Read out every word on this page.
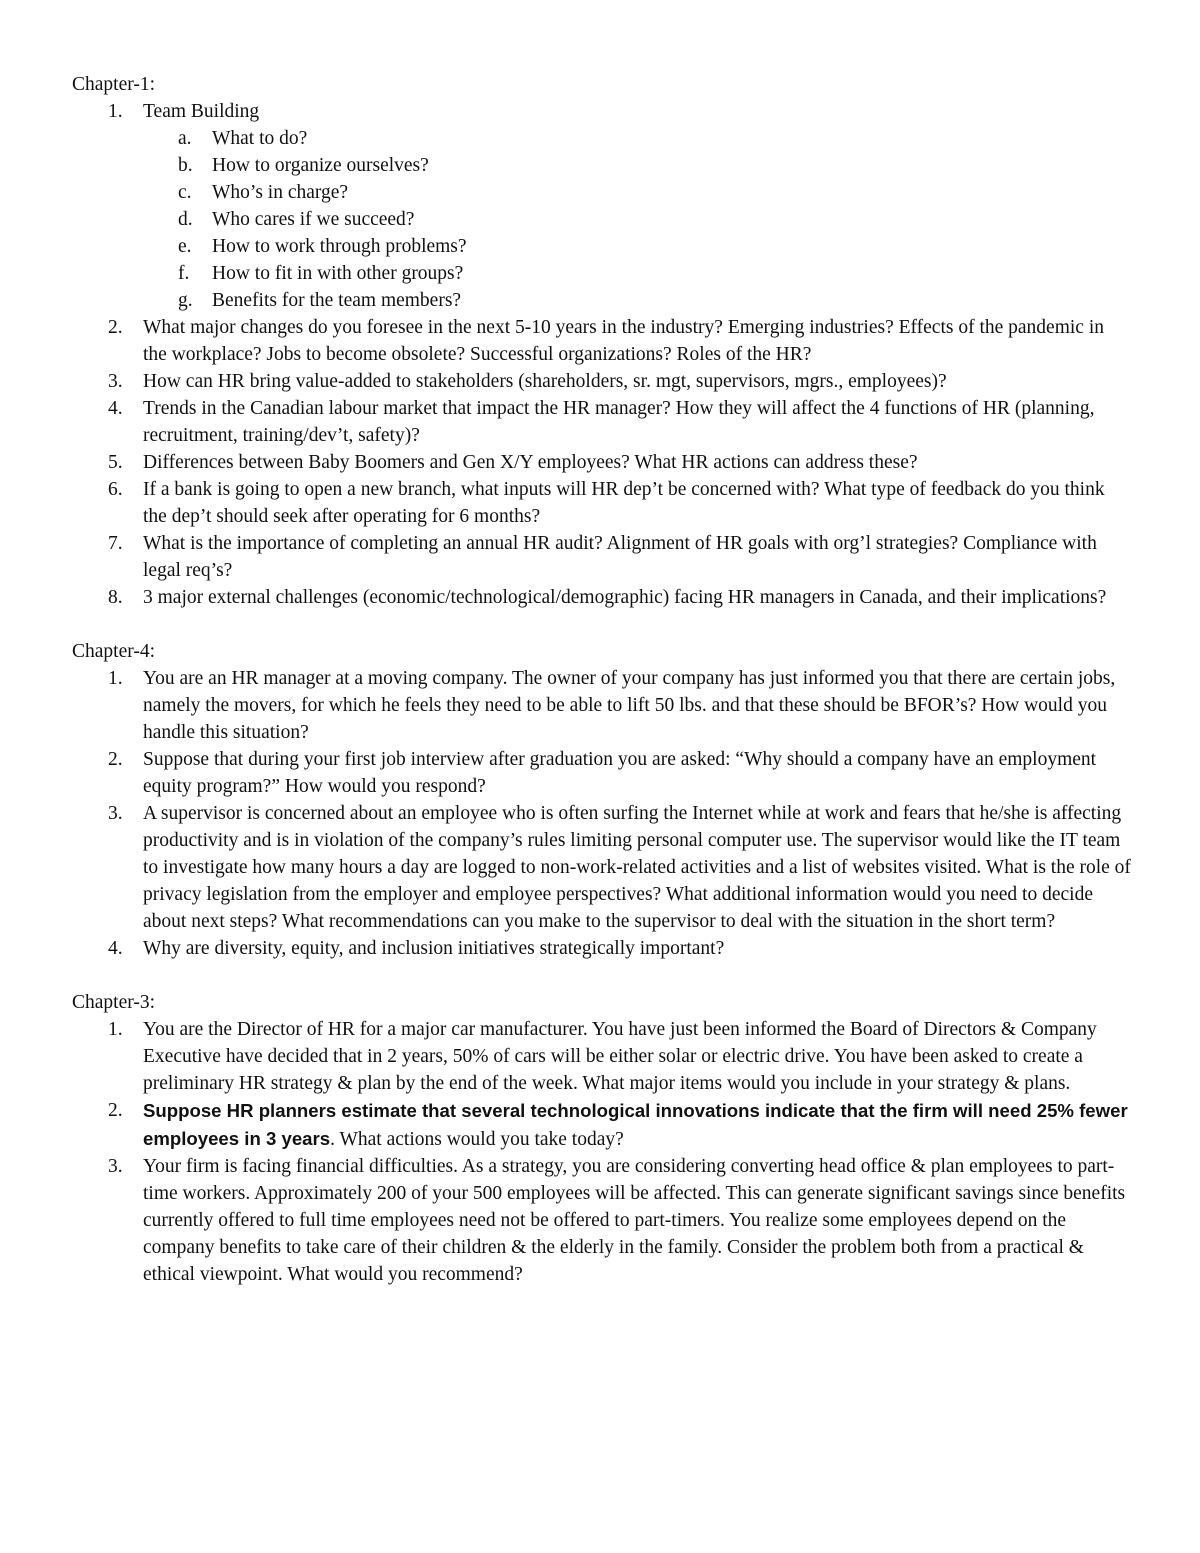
Chapter-1:

1. Team Building
a. What to do?
b. How to organize ourselves?
c. Who’s in charge?
d. Who cares if we succeed?
e. How to work through problems?
f. How to fit in with other groups?
g. Benefits for the team members?
2. What major changes do you foresee in the next 5-10 years in the industry? Emerging industries? Effects of the pandemic in the workplace? Jobs to become obsolete? Successful organizations? Roles of the HR?
3. How can HR bring value-added to stakeholders (shareholders, sr. mgt, supervisors, mgrs., employees)?
4. Trends in the Canadian labour market that impact the HR manager? How they will affect the 4 functions of HR (planning, recruitment, training/dev’t, safety)?
5. Differences between Baby Boomers and Gen X/Y employees? What HR actions can address these?
6. If a bank is going to open a new branch, what inputs will HR dep’t be concerned with? What type of feedback do you think the dep’t should seek after operating for 6 months?
7. What is the importance of completing an annual HR audit? Alignment of HR goals with org’l strategies? Compliance with legal req’s?
8. 3 major external challenges (economic/technological/demographic) facing HR managers in Canada, and their implications?

Chapter-4:

1. You are an HR manager at a moving company. The owner of your company has just informed you that there are certain jobs, namely the movers, for which he feels they need to be able to lift 50 lbs. and that these should be BFOR’s? How would you handle this situation?
2. Suppose that during your first job interview after graduation you are asked: “Why should a company have an employment equity program?” How would you respond?
3. A supervisor is concerned about an employee who is often surfing the Internet while at work and fears that he/she is affecting productivity and is in violation of the company’s rules limiting personal computer use. The supervisor would like the IT team to investigate how many hours a day are logged to non-work-related activities and a list of websites visited. What is the role of privacy legislation from the employer and employee perspectives? What additional information would you need to decide about next steps? What recommendations can you make to the supervisor to deal with the situation in the short term?
4. Why are diversity, equity, and inclusion initiatives strategically important?

Chapter-3:

1. You are the Director of HR for a major car manufacturer. You have just been informed the Board of Directors & Company Executive have decided that in 2 years, 50% of cars will be either solar or electric drive. You have been asked to create a preliminary HR strategy & plan by the end of the week. What major items would you include in your strategy & plans.
2. Suppose HR planners estimate that several technological innovations indicate that the firm will need 25% fewer employees in 3 years. What actions would you take today?
3. Your firm is facing financial difficulties. As a strategy, you are considering converting head office & plan employees to part-time workers. Approximately 200 of your 500 employees will be affected. This can generate significant savings since benefits currently offered to full time employees need not be offered to part-timers. You realize some employees depend on the company benefits to take care of their children & the elderly in the family. Consider the problem both from a practical & ethical viewpoint. What would you recommend?
